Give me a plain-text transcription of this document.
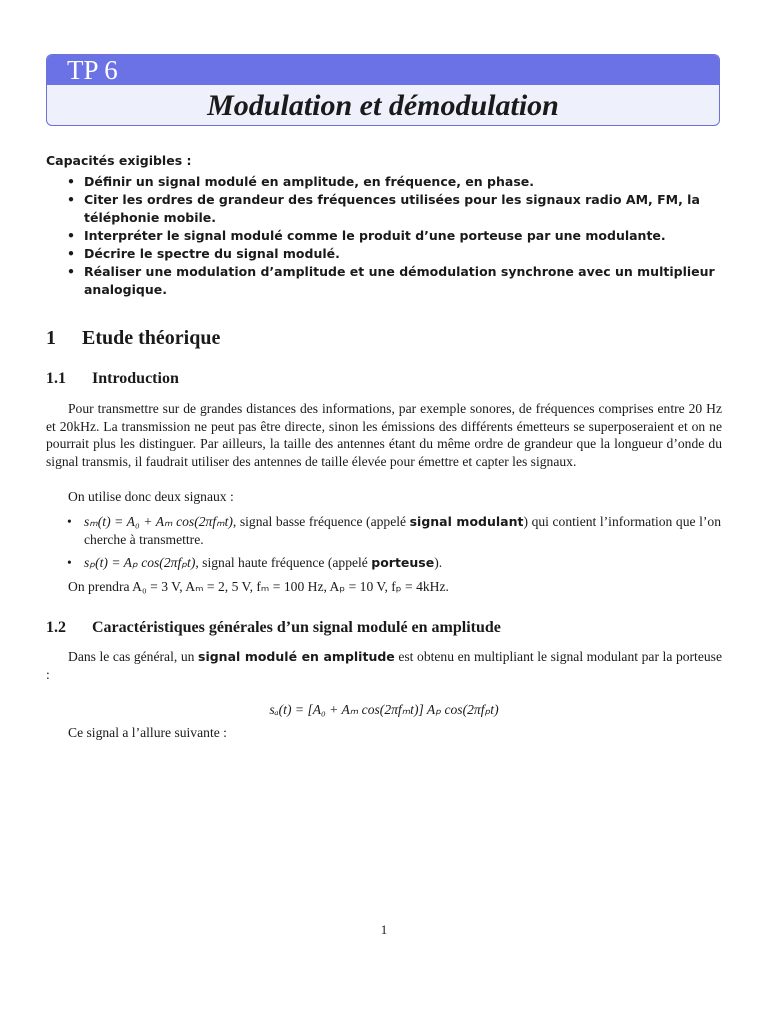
TP 6
Modulation et démodulation
Capacités exigibles :
• Définir un signal modulé en amplitude, en fréquence, en phase.
• Citer les ordres de grandeur des fréquences utilisées pour les signaux radio AM, FM, la téléphonie mobile.
• Interpréter le signal modulé comme le produit d’une porteuse par une modulante.
• Décrire le spectre du signal modulé.
• Réaliser une modulation d’amplitude et une démodulation synchrone avec un multiplieur analogique.
1 Etude théorique
1.1 Introduction
Pour transmettre sur de grandes distances des informations, par exemple sonores, de fréquences comprises entre 20 Hz et 20kHz. La transmission ne peut pas être directe, sinon les émissions des différents émetteurs se superposeraient et on ne pourrait plus les distinguer. Par ailleurs, la taille des antennes étant du même ordre de grandeur que la longueur d’onde du signal transmis, il faudrait utiliser des antennes de taille élevée pour émettre et capter les signaux.
On utilise donc deux signaux :
• sₘ(t) = A₀ + Aₘ cos(2πfₘt), signal basse fréquence (appelé signal modulant) qui contient l’information que l’on cherche à transmettre.
• sₚ(t) = Aₚ cos(2πfₚt), signal haute fréquence (appelé porteuse).
On prendra A₀ = 3 V, Aₘ = 2, 5 V, fₘ = 100 Hz, Aₚ = 10 V, fₚ = 4kHz.
1.2 Caractéristiques générales d’un signal modulé en amplitude
Dans le cas général, un signal modulé en amplitude est obtenu en multipliant le signal modulant par la porteuse :
sₐ(t) = [A₀ + Aₘ cos(2πfₘt)] Aₚ cos(2πfₚt)
Ce signal a l’allure suivante :
1
